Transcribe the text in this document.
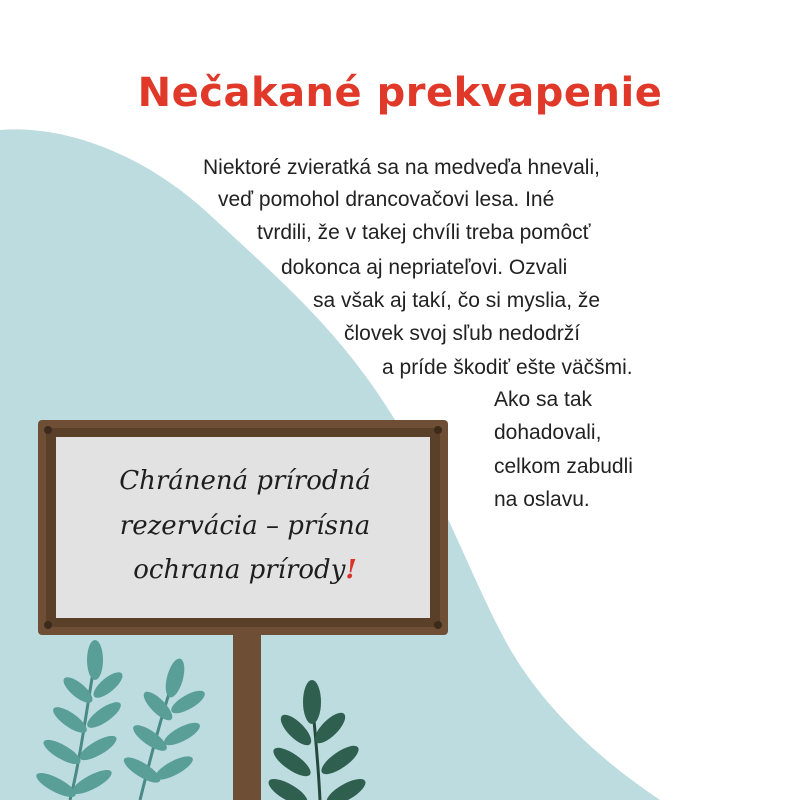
Nečakané prekvapenie
Niektoré zvieratká sa na medveďa hnevali,
veď pomohol drancovačovi lesa. Iné
tvrdili, že v takej chvíli treba pomôcť
dokonca aj nepriateľovi. Ozvali
sa však aj takí, čo si myslia, že
človek svoj sľub nedodrží
a príde škodiť ešte väčšmi.
Ako sa tak
dohadovali,
celkom zabudli
na oslavu.
Chránená prírodná
rezervácia – prísna
ochrana prírody!
